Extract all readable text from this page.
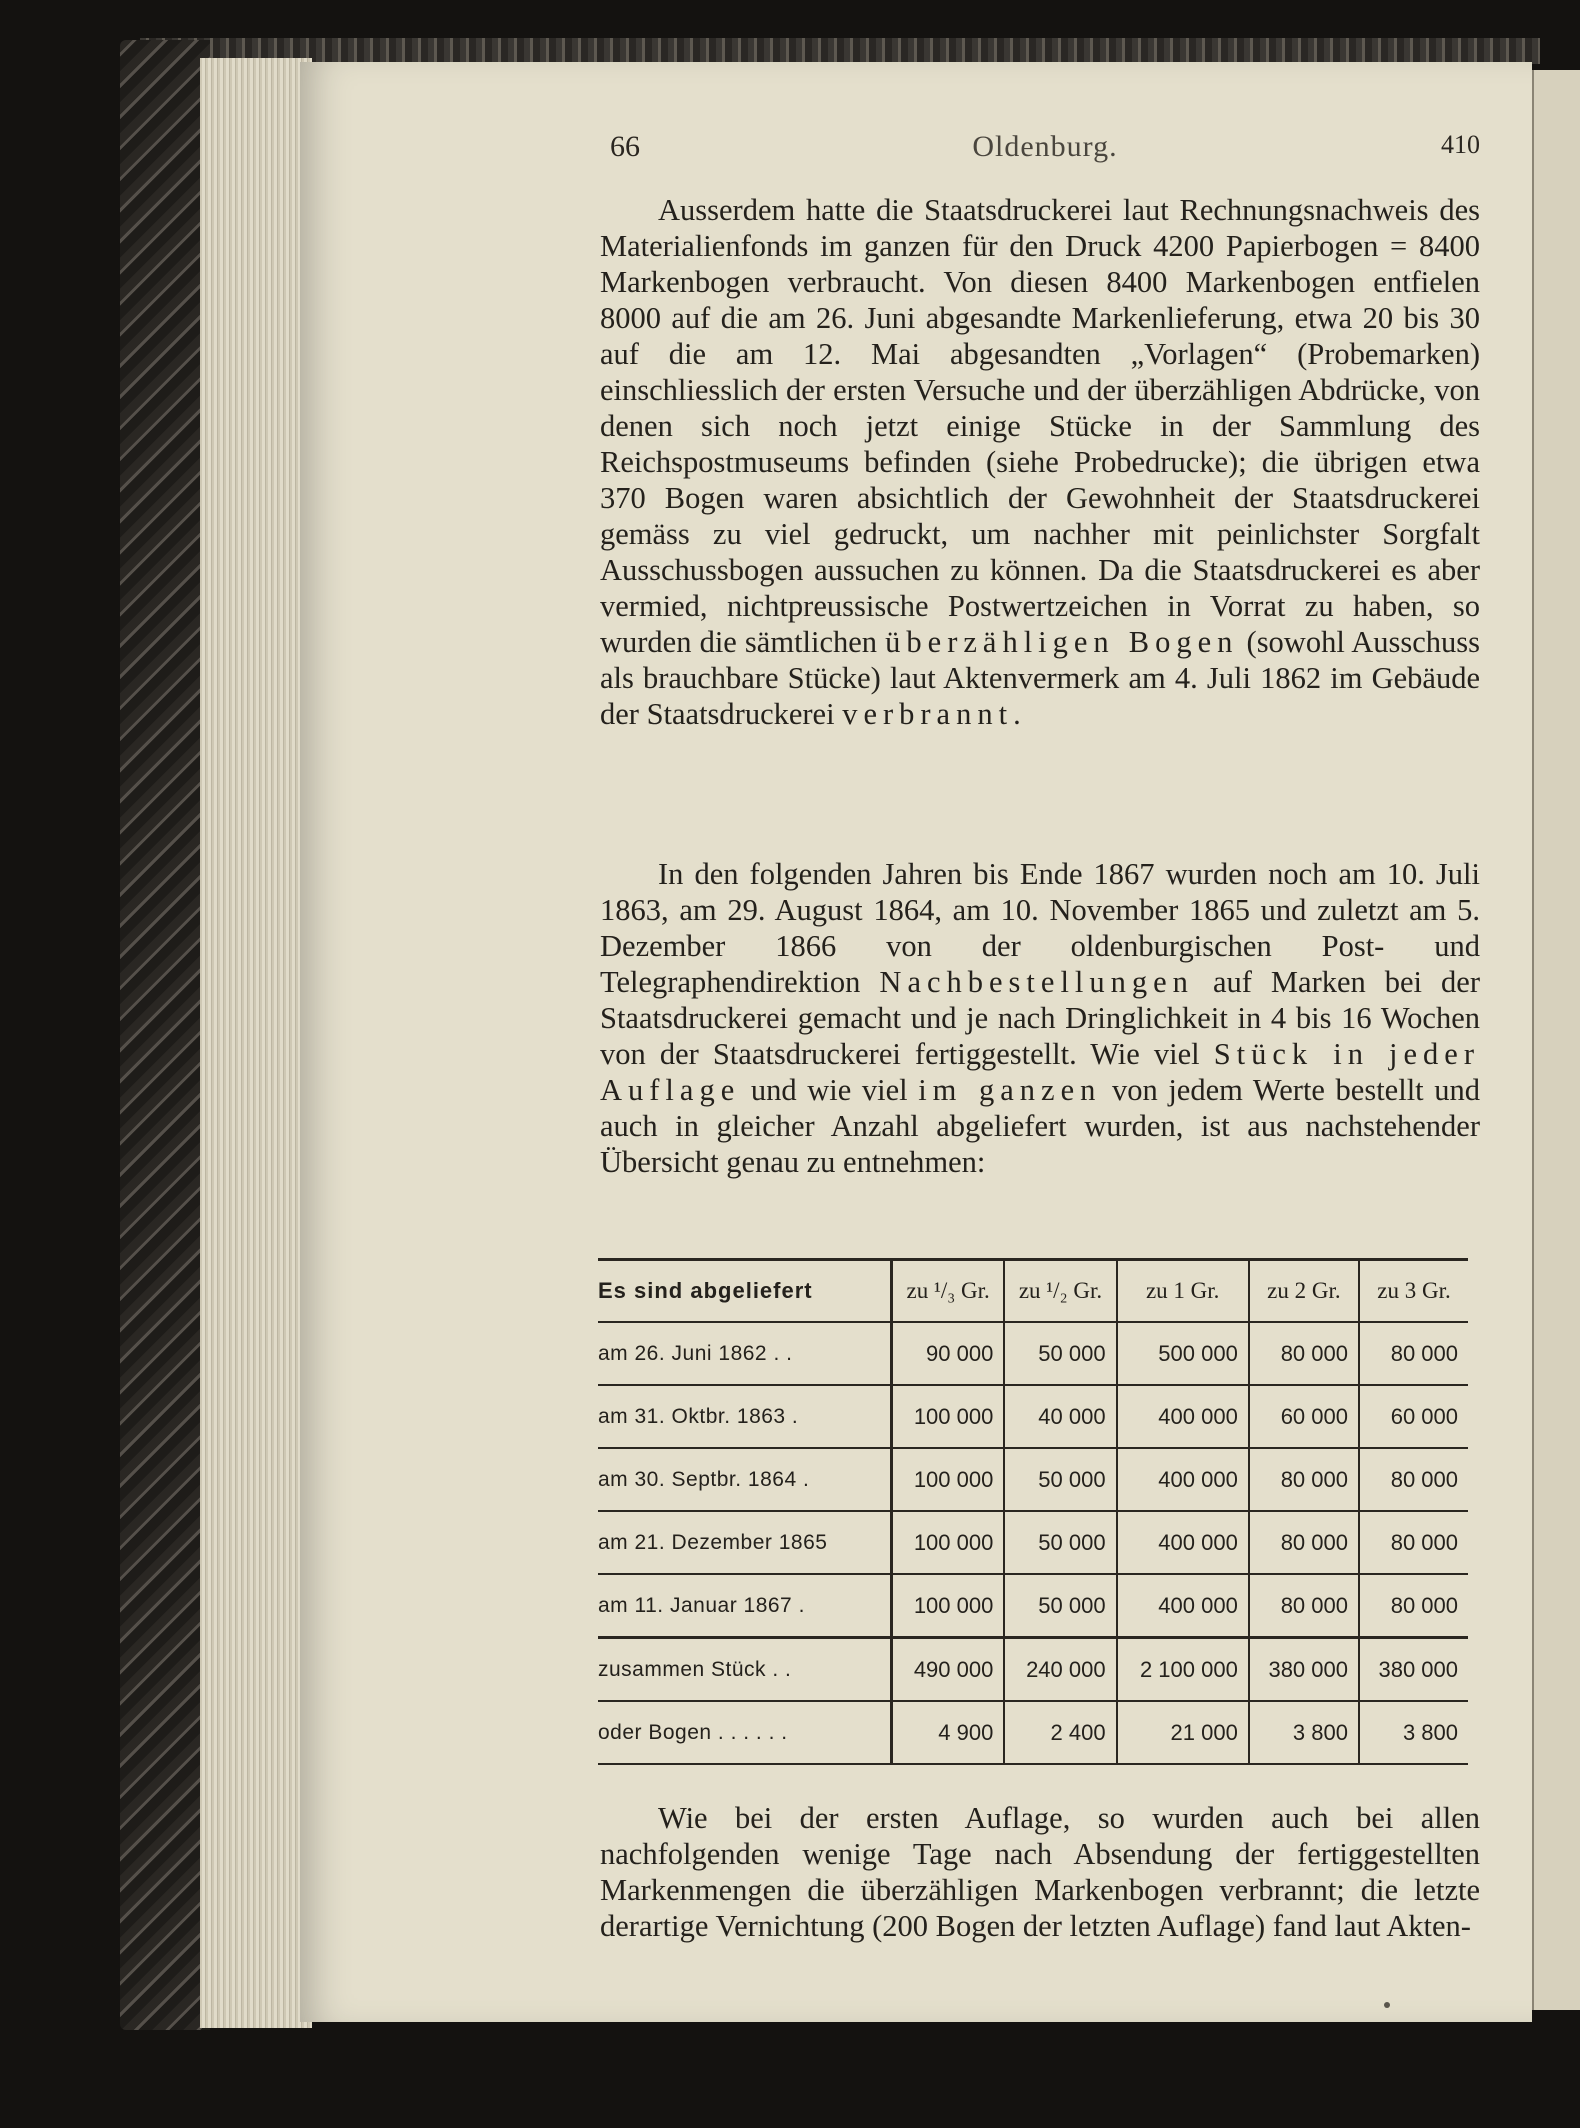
66	Oldenburg.	410

Ausserdem hatte die Staatsdruckerei laut Rechnungsnachweis des Materialienfonds im ganzen für den Druck 4200 Papierbogen = 8400 Markenbogen verbraucht. Von diesen 8400 Markenbogen entfielen 8000 auf die am 26. Juni abgesandte Markenlieferung, etwa 20 bis 30 auf die am 12. Mai abgesandten „Vorlagen“ (Probemarken) einschliesslich der ersten Versuche und der überzähligen Abdrücke, von denen sich noch jetzt einige Stücke in der Sammlung des Reichspostmuseums befinden (siehe Probedrucke); die übrigen etwa 370 Bogen waren absichtlich der Gewohnheit der Staatsdruckerei gemäss zu viel gedruckt, um nachher mit peinlichster Sorgfalt Ausschussbogen aussuchen zu können. Da die Staatsdruckerei es aber vermied, nichtpreussische Postwertzeichen in Vorrat zu haben, so wurden die sämtlichen überzähligen Bogen (sowohl Ausschuss als brauchbare Stücke) laut Aktenvermerk am 4. Juli 1862 im Gebäude der Staatsdruckerei verbrannt.

In den folgenden Jahren bis Ende 1867 wurden noch am 10. Juli 1863, am 29. August 1864, am 10. November 1865 und zuletzt am 5. Dezember 1866 von der oldenburgischen Post- und Telegraphendirektion Nachbestellungen auf Marken bei der Staatsdruckerei gemacht und je nach Dringlichkeit in 4 bis 16 Wochen von der Staatsdruckerei fertiggestellt. Wie viel Stück in jeder Auflage und wie viel im ganzen von jedem Werte bestellt und auch in gleicher Anzahl abgeliefert wurden, ist aus nachstehender Übersicht genau zu entnehmen:

Es sind abgeliefert	zu ¹/₃ Gr.	zu ¹/₂ Gr.	zu 1 Gr.	zu 2 Gr.	zu 3 Gr.
am 26. Juni 1862 . .	90 000	50 000	500 000	80 000	80 000
am 31. Oktbr. 1863 .	100 000	40 000	400 000	60 000	60 000
am 30. Septbr. 1864 .	100 000	50 000	400 000	80 000	80 000
am 21. Dezember 1865	100 000	50 000	400 000	80 000	80 000
am 11. Januar 1867 .	100 000	50 000	400 000	80 000	80 000
zusammen Stück . .	490 000	240 000	2 100 000	380 000	380 000
oder Bogen . . . . . .	4 900	2 400	21 000	3 800	3 800

Wie bei der ersten Auflage, so wurden auch bei allen nachfolgenden wenige Tage nach Absendung der fertiggestellten Markenmengen die überzähligen Markenbogen verbrannt; die letzte derartige Vernichtung (200 Bogen der letzten Auflage) fand laut Akten-
